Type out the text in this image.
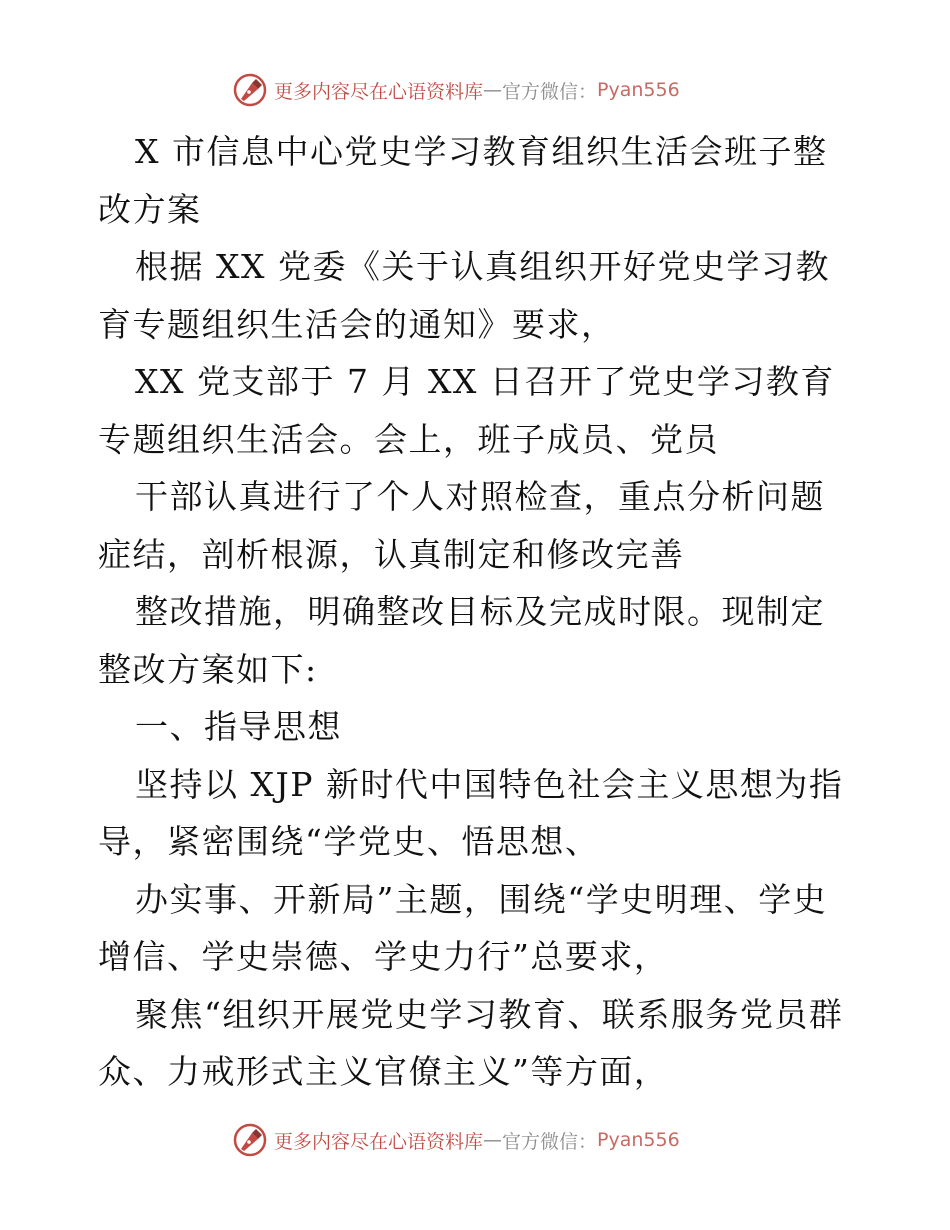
更多内容尽在心语资料库 — 官方微信： Pyan556

X 市信息中心党史学习教育组织生活会班子整改方案

根据 XX 党委《关于认真组织开好党史学习教育专题组织生活会的通知》要求，

XX 党支部于 7 月 XX 日召开了党史学习教育专题组织生活会。会上，班子成员、党员

干部认真进行了个人对照检查，重点分析问题症结，剖析根源，认真制定和修改完善

整改措施，明确整改目标及完成时限。现制定整改方案如下:

一、指导思想

坚持以 XJP 新时代中国特色社会主义思想为指导，紧密围绕“学党史、悟思想、

办实事、开新局”主题，围绕“学史明理、学史增信、学史崇德、学史力行”总要求，

聚焦“组织开展党史学习教育、联系服务党员群众、力戒形式主义官僚主义”等方面，

更多内容尽在心语资料库 — 官方微信： Pyan556
